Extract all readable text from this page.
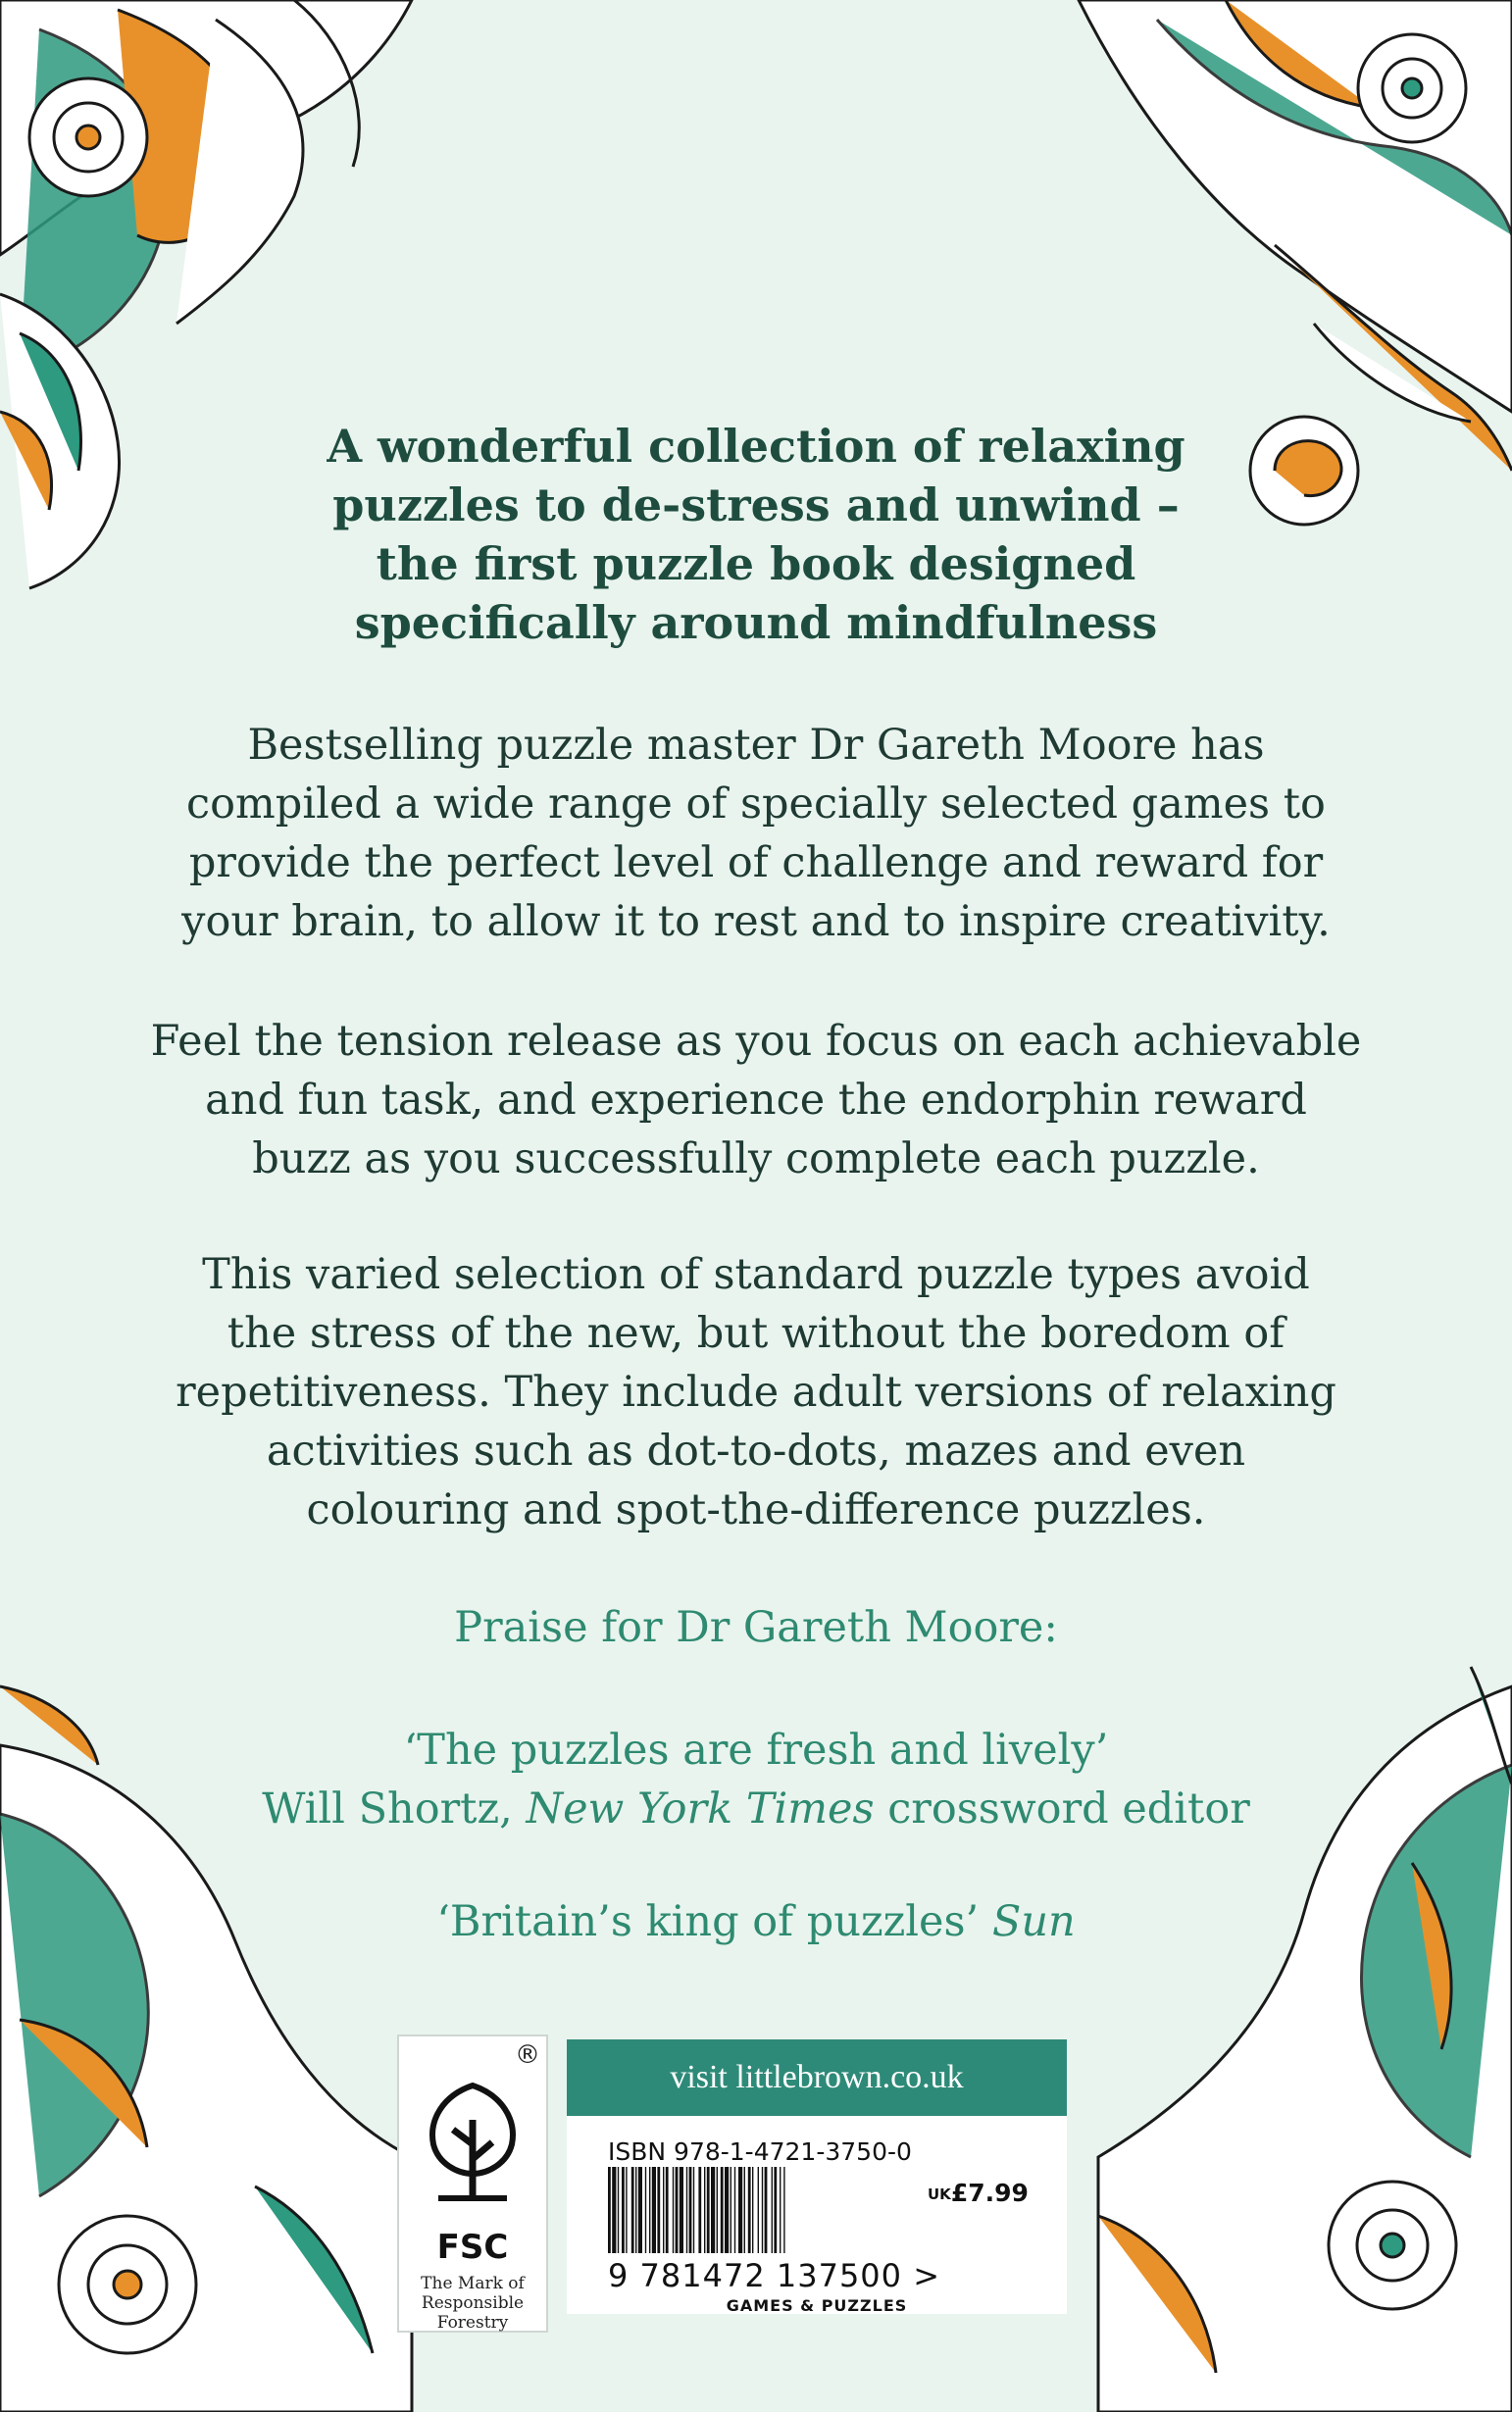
A wonderful collection of relaxing
puzzles to de-stress and unwind –
the first puzzle book designed
specifically around mindfulness
Bestselling puzzle master Dr Gareth Moore has
compiled a wide range of specially selected games to
provide the perfect level of challenge and reward for
your brain, to allow it to rest and to inspire creativity.
Feel the tension release as you focus on each achievable
and fun task, and experience the endorphin reward
buzz as you successfully complete each puzzle.
This varied selection of standard puzzle types avoid
the stress of the new, but without the boredom of
repetitiveness. They include adult versions of relaxing
activities such as dot-to-dots, mazes and even
colouring and spot-the-difference puzzles.
Praise for Dr Gareth Moore:
‘The puzzles are fresh and lively’
Will Shortz, New York Times crossword editor
‘Britain’s king of puzzles’ Sun
®
FSC
The Mark of
Responsible
Forestry
visit littlebrown.co.uk
ISBN 978-1-4721-3750-0
UK£7.99
9 781472 137500 >
GAMES & PUZZLES
